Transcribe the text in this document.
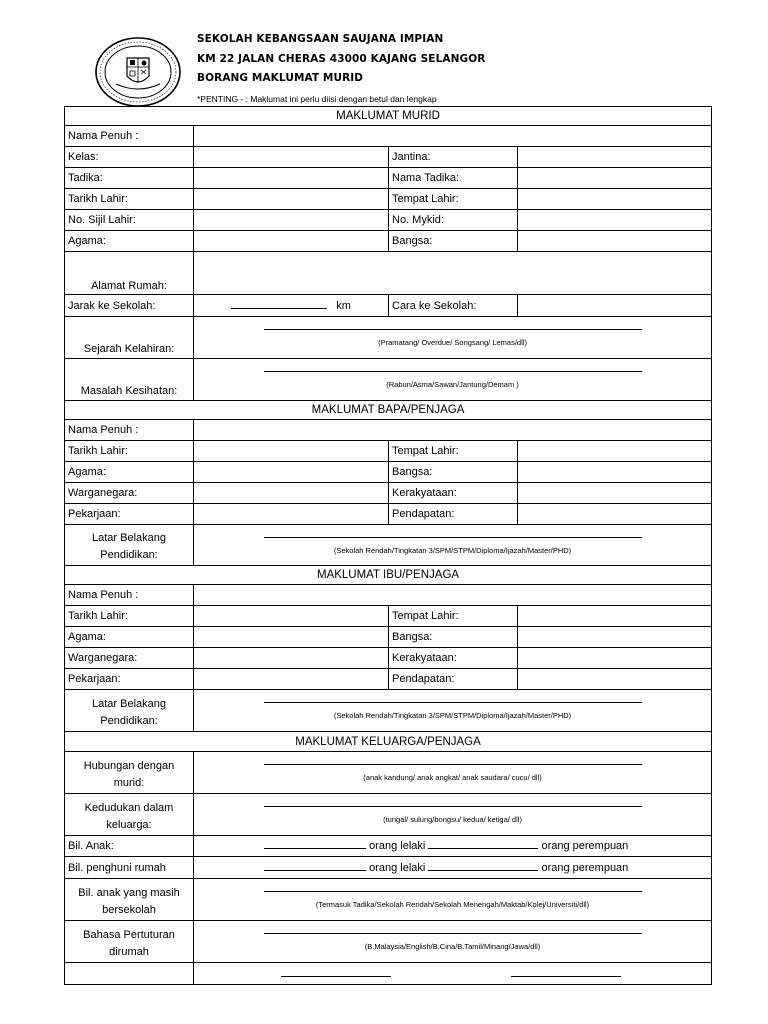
SEKOLAH KEBANGSAAN SAUJANA IMPIAN
KM 22 JALAN CHERAS 43000 KAJANG SELANGOR
BORANG MAKLUMAT MURID
*PENTING - : Maklumat ini perlu diisi dengan betul dan lengkap
MAKLUMAT MURID			
Nama Penuh :			
Kelas:		Jantina:	
Tadika:		Nama Tadika:	
Tarikh Lahir:		Tempat Lahir:	
No. Sijil Lahir:		No. Mykid:	
Agama:		Bangsa:	
Alamat Rumah:			
Jarak ke Sekolah:	km	Cara ke Sekolah:	
Sejarah Kelahiran:	(Pramatang/ Overdue/ Songsang/ Lemas/dll)		

Masalah Kesihatan:	(Rabun/Asma/Sawan/Jantung/Demam )		

MAKLUMAT BAPA/PENJAGA			
Nama Penuh :			
Tarikh Lahir:		Tempat Lahir:	
Agama:		Bangsa:	
Warganegara:		Kerakyataan:	
Pekarjaan:		Pendapatan:	
Latar Belakang
Pendidikan:	(Sekolah Rendah/Tingkatan 3/SPM/STPM/Diploma/Ijazah/Master/PHD)		

MAKLUMAT IBU/PENJAGA			
Nama Penuh :			
Tarikh Lahir:		Tempat Lahir:	
Agama:		Bangsa:	
Warganegara:		Kerakyataan:	
Pekarjaan:		Pendapatan:	
Latar Belakang
Pendidikan:	(Sekolah Rendah/Tingkatan 3/SPM/STPM/Diploma/Ijazah/Master/PHD)		

MAKLUMAT KELUARGA/PENJAGA			
Hubungan dengan
murid:	(anak kandung/ anak angkat/ anak saudara/ cucu/ dll)		

Kedudukan dalam
keluarga:	(tungal/ sulung/bongsu/ kedua/ ketiga/ dll)		

Bil. Anak:	orang lelaki orang perempuan		
Bil. penghuni rumah	orang lelaki orang perempuan		
Bil. anak yang masih
bersekolah	(Termasuk Tadika/Sekolah Rendah/Sekolah Menengah/Maktab/Kolej/Universiti/dll)		

Bahasa Pertuturan
dirumah	(B.Malaysia/English/B.Cina/B.Tamil/Minang/Jawa/dll)		
